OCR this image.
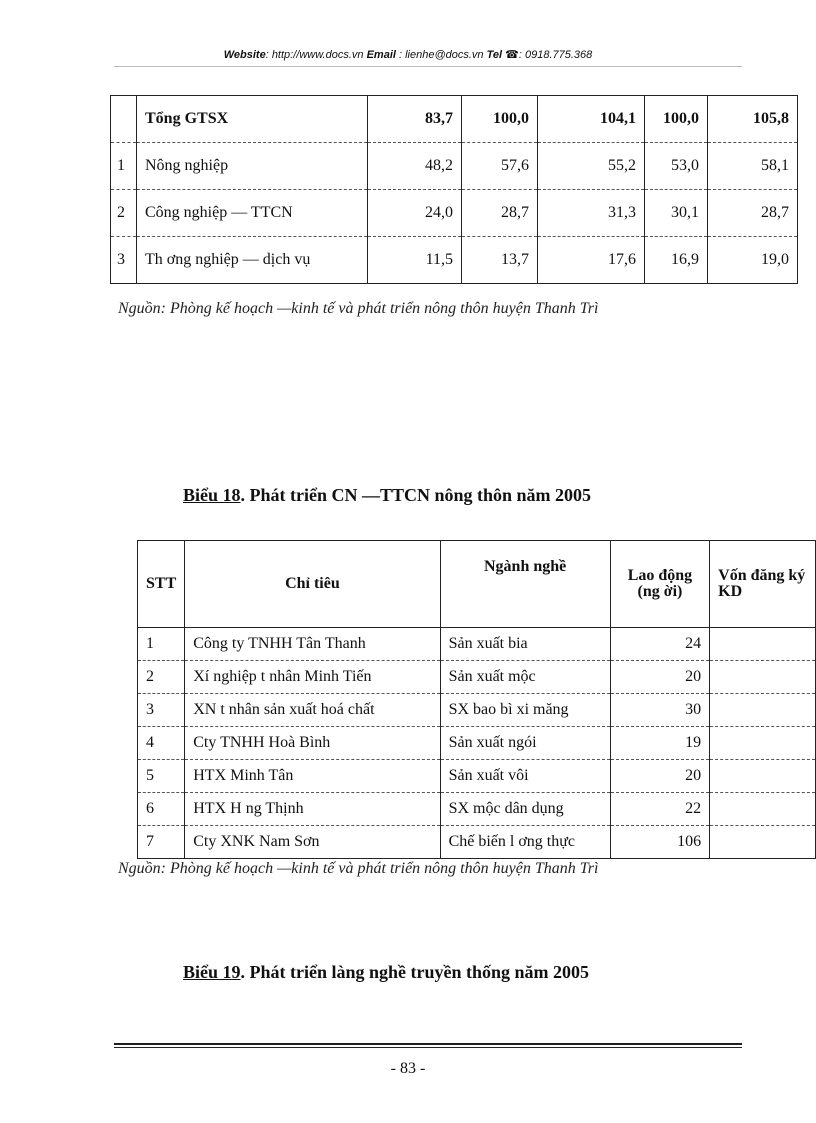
Website: http://www.docs.vn Email : lienhe@docs.vn Tel ☎: 0918.775.368
	Tổng GTSX	83,7	100,0	104,1	100,0	105,8
1	Nông nghiệp	48,2	57,6	55,2	53,0	58,1
2	Công nghiệp — TTCN	24,0	28,7	31,3	30,1	28,7
3	Th ơng nghiệp — dịch vụ	11,5	13,7	17,6	16,9	19,0
Nguồn: Phòng kế hoạch —kinh tế và phát triển nông thôn huyện Thanh Trì
Biểu 18. Phát triển CN —TTCN nông thôn năm 2005
STT	Chỉ tiêu	Ngành nghề	Lao động (ng ời)	Vốn đăng ký KD
1	Công ty TNHH Tân Thanh	Sản xuất bia	24	
2	Xí nghiệp t nhân Minh Tiến	Sản xuất mộc	20	
3	XN t nhân sản xuất hoá chất	SX bao bì xi măng	30	
4	Cty TNHH Hoà Bình	Sản xuất ngói	19	
5	HTX Minh Tân	Sản xuất vôi	20	
6	HTX H ng Thịnh	SX mộc dân dụng	22	
7	Cty XNK Nam Sơn	Chế biến l ơng thực	106	
Nguồn: Phòng kế hoạch —kinh tế và phát triển nông thôn huyện Thanh Trì
Biểu 19. Phát triển làng nghề truyền thống năm 2005
- 83 -
